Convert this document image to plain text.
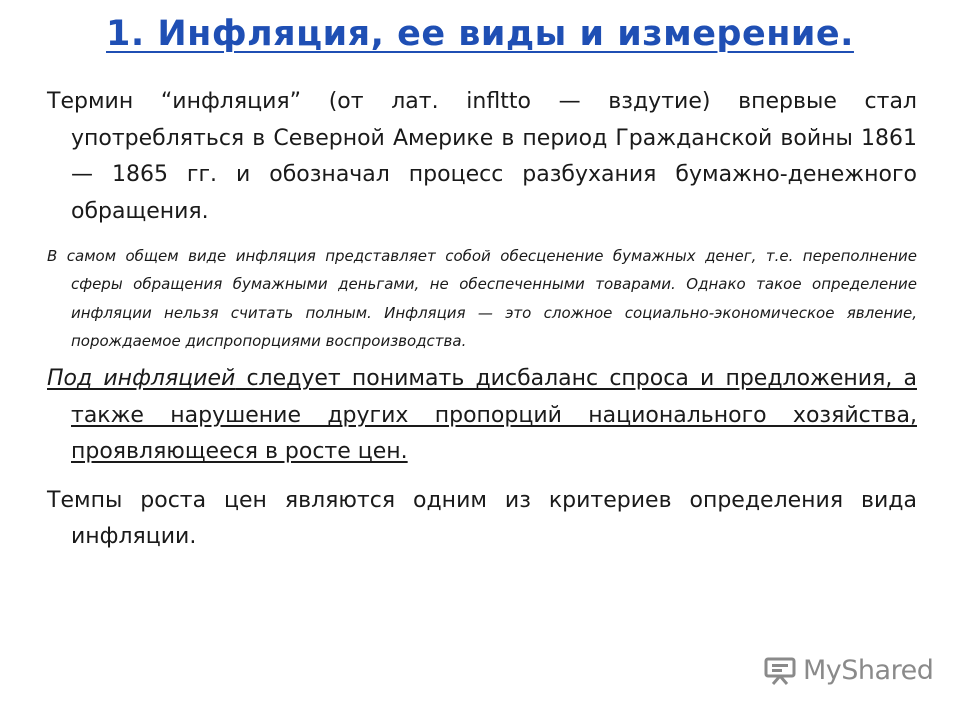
1. Инфляция, ее виды и измерение.

Термин “инфляция” (от лат. infltto — вздутие) впервые стал употребляться в Северной Америке в период Гражданской войны 1861 — 1865 гг. и обозначал процесс разбухания бумажно-денежного обращения.

В самом общем виде инфляция представляет собой обесценение бумажных денег, т.е. переполнение сферы обращения бумажными деньгами, не обеспеченными товарами. Однако такое определение инфляции нельзя считать полным. Инфляция — это сложное социально-экономическое явление, порождаемое диспропорциями воспроизводства.

Под инфляцией следует понимать дисбаланс спроса и предложения, а также нарушение других пропорций национального хозяйства, проявляющееся в росте цен.

Темпы роста цен являются одним из критериев определения вида инфляции.

MyShared
